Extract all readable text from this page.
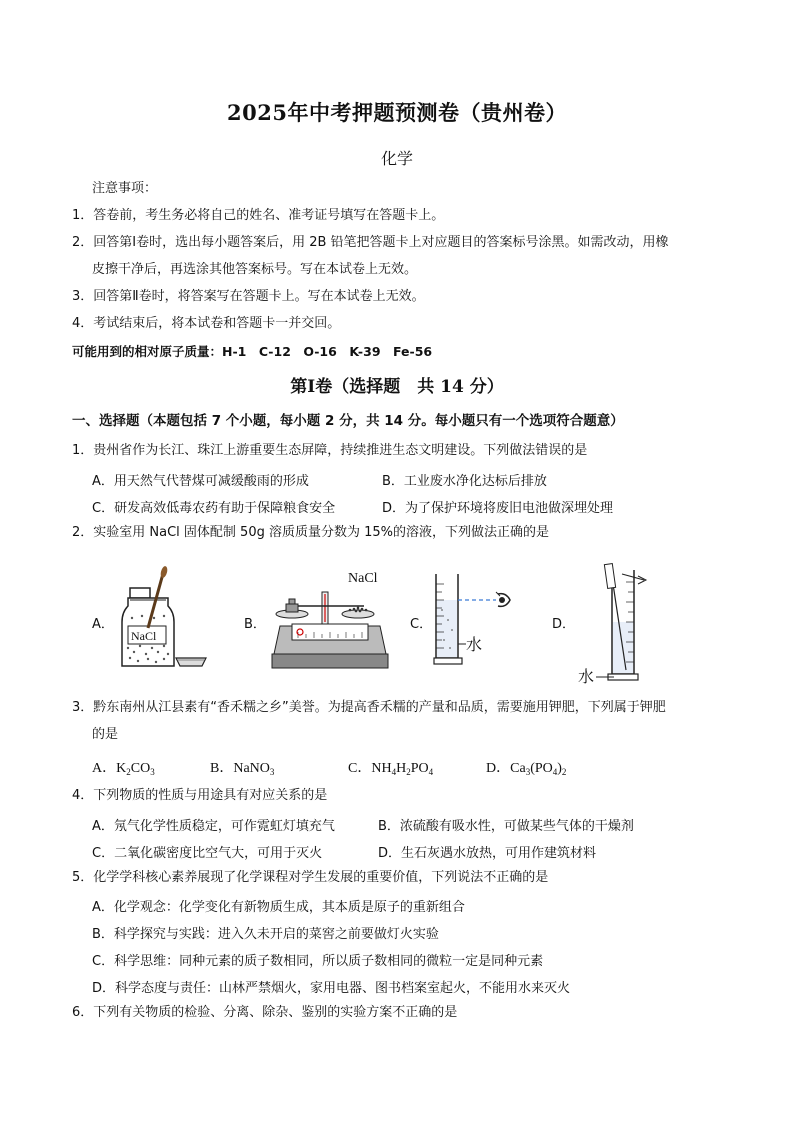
2025年中考押题预测卷（贵州卷）
化学
注意事项：
1．答卷前，考生务必将自己的姓名、准考证号填写在答题卡上。
2．回答第Ⅰ卷时，选出每小题答案后，用 2B 铅笔把答题卡上对应题目的答案标号涂黑。如需改动，用橡
皮擦干净后，再选涂其他答案标号。写在本试卷上无效。
3．回答第Ⅱ卷时，将答案写在答题卡上。写在本试卷上无效。
4．考试结束后，将本试卷和答题卡一并交回。
可能用到的相对原子质量：H-1　C-12　O-16　K-39　Fe-56
第Ⅰ卷（选择题　共 14 分）
一、选择题（本题包括 7 个小题，每小题 2 分，共 14 分。每小题只有一个选项符合题意）
1．贵州省作为长江、珠江上游重要生态屏障，持续推进生态文明建设。下列做法错误的是
A．用天然气代替煤可减缓酸雨的形成	B．工业废水净化达标后排放
C．研发高效低毒农药有助于保障粮食安全	D．为了保护环境将废旧电池做深埋处理
2．实验室用 NaCl 固体配制 50g 溶质质量分数为 15%的溶液，下列做法正确的是
A．	B．	C．	D．
NaCl
NaCl
水
水
3．黔东南州从江县素有“香禾糯之乡”美誉。为提高香禾糯的产量和品质，需要施用钾肥，下列属于钾肥
的是
A．$K_2CO_3$	B．NaNO$_3$	C．$NH_4H_2PO_4$	D．$Ca_3(PO_4)_2$
4．下列物质的性质与用途具有对应关系的是
A．氖气化学性质稳定，可作霓虹灯填充气	B．浓硫酸有吸水性，可做某些气体的干燥剂
C．二氧化碳密度比空气大，可用于灭火	D．生石灰遇水放热，可用作建筑材料
5．化学学科核心素养展现了化学课程对学生发展的重要价值，下列说法不正确的是
A．化学观念：化学变化有新物质生成，其本质是原子的重新组合
B．科学探究与实践：进入久未开启的菜窖之前要做灯火实验
C．科学思维：同种元素的质子数相同，所以质子数相同的微粒一定是同种元素
D．科学态度与责任：山林严禁烟火，家用电器、图书档案室起火，不能用水来灭火
6．下列有关物质的检验、分离、除杂、鉴别的实验方案不正确的是
